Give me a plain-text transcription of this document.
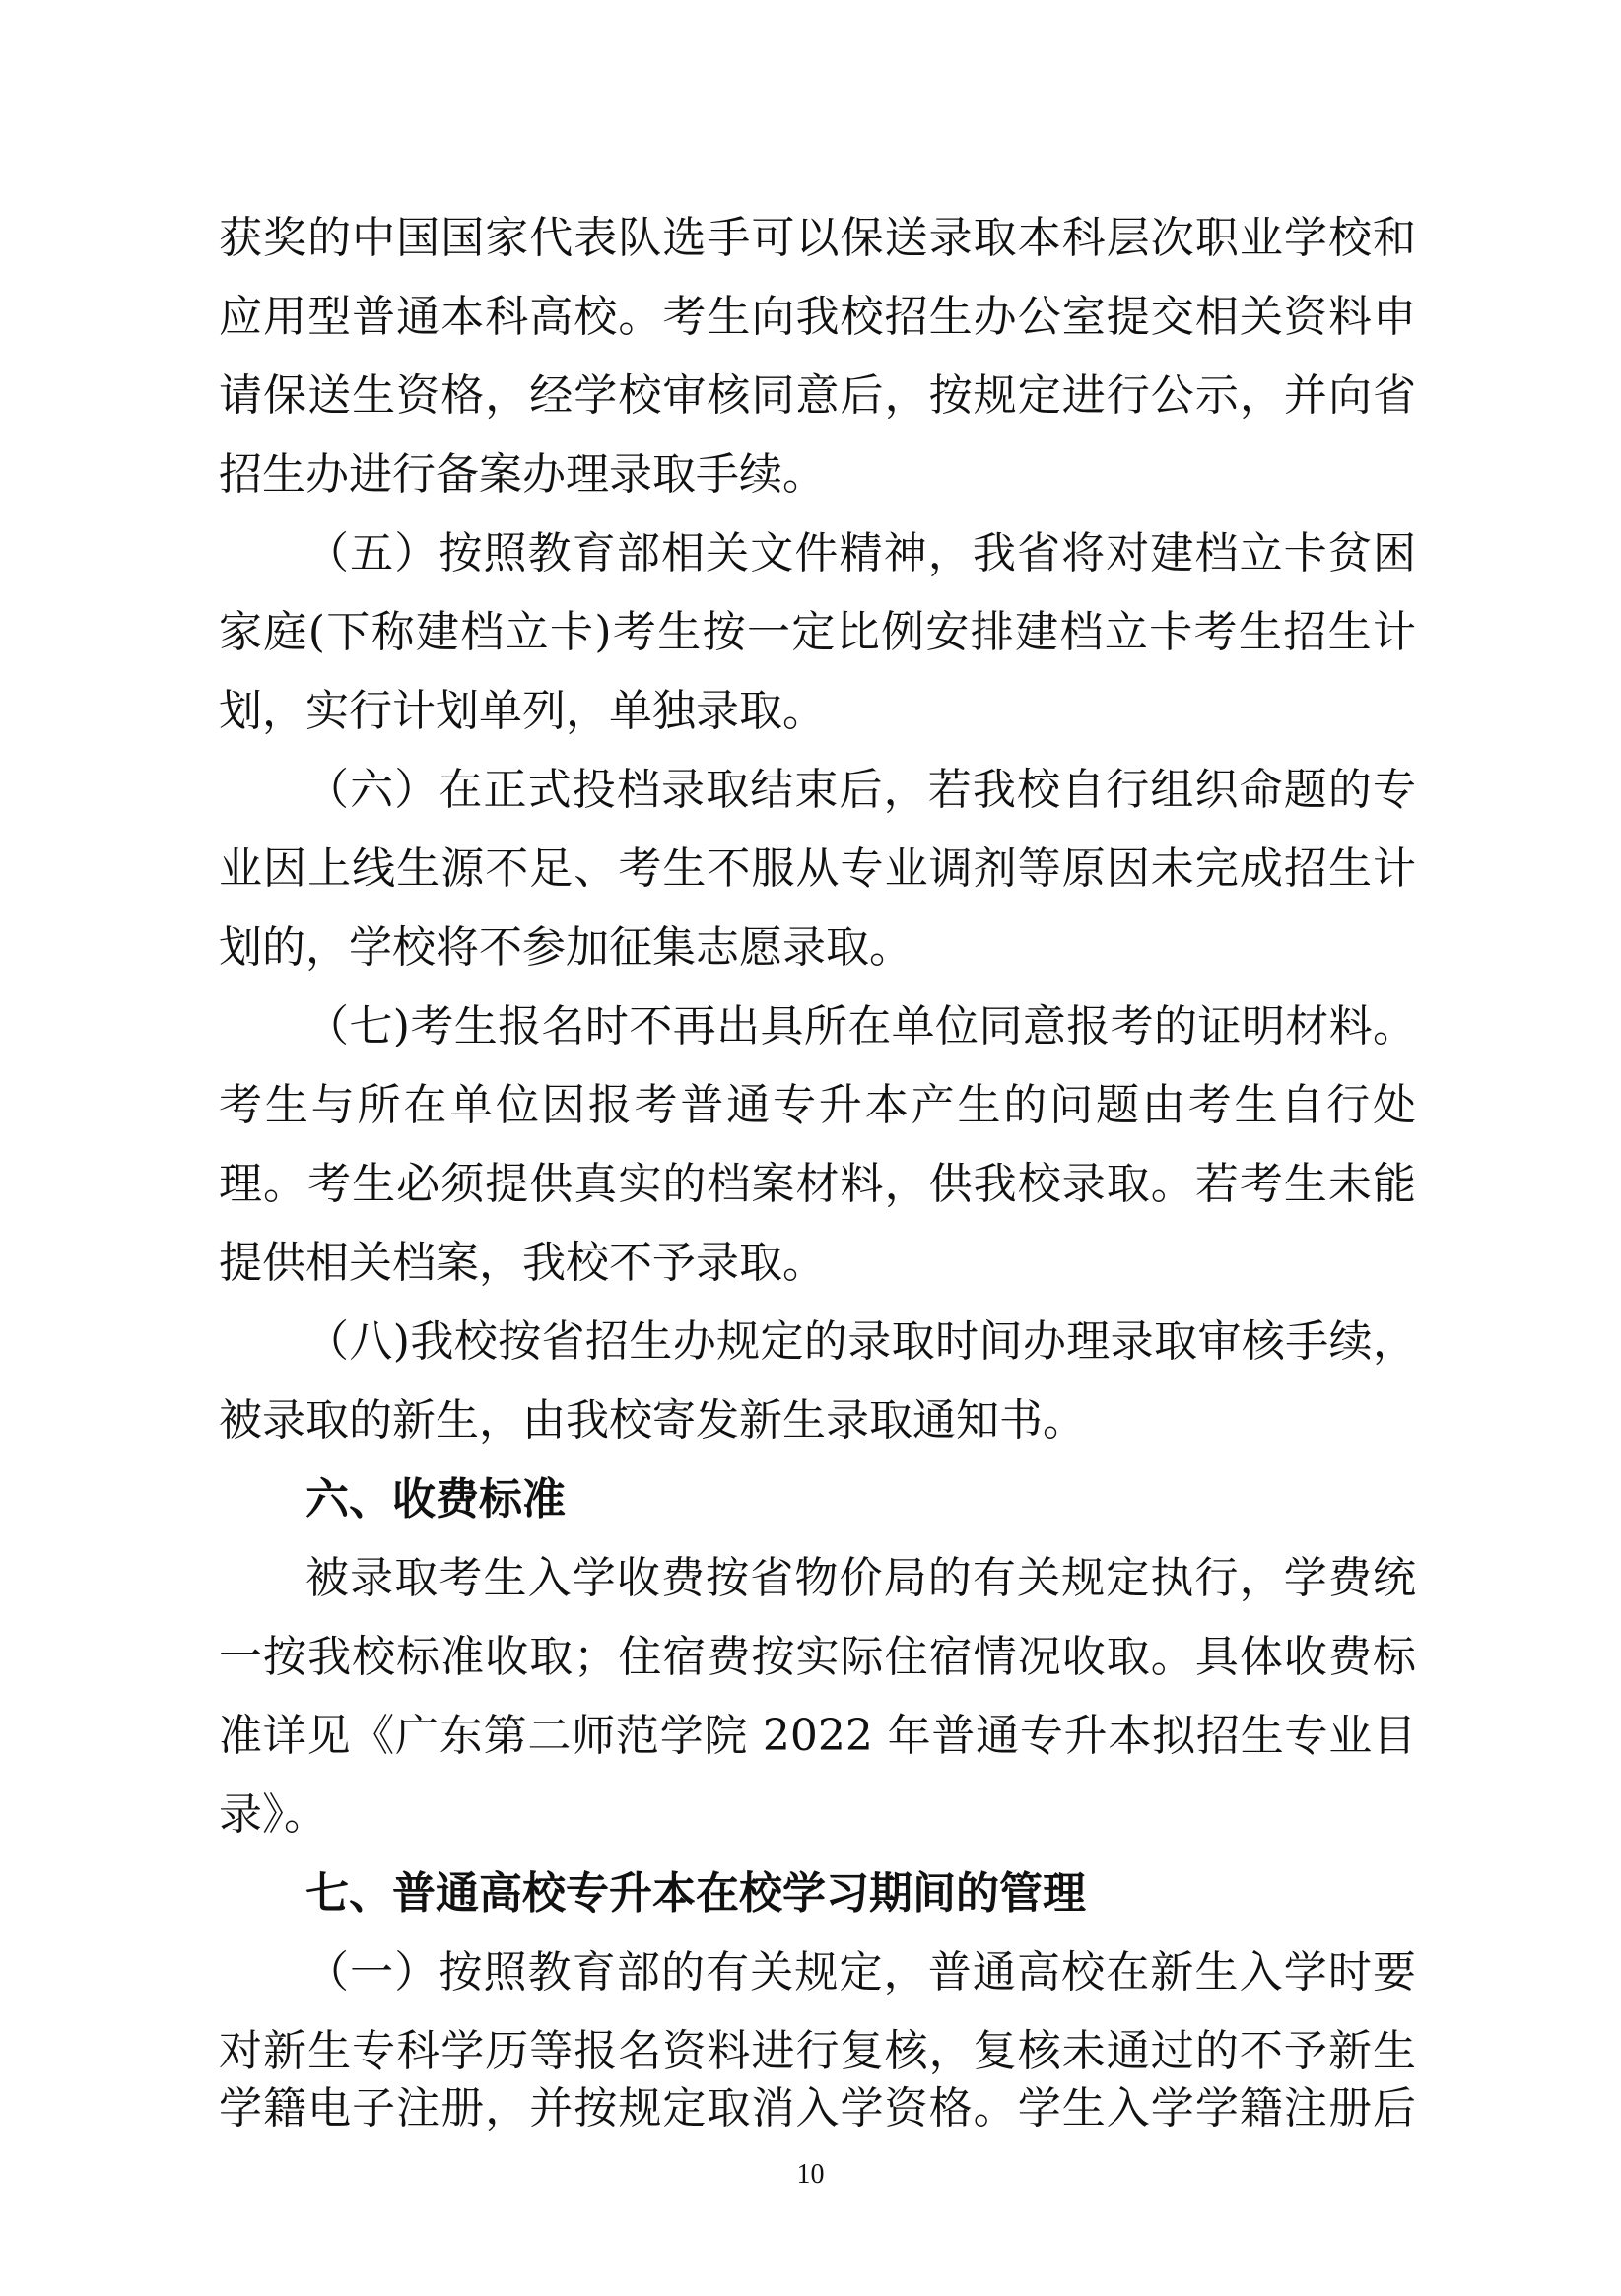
获奖的中国国家代表队选手可以保送录取本科层次职业学校和
应用型普通本科高校。考生向我校招生办公室提交相关资料申
请保送生资格，经学校审核同意后，按规定进行公示，并向省
招生办进行备案办理录取手续。
（五）按照教育部相关文件精神，我省将对建档立卡贫困
家庭(下称建档立卡)考生按一定比例安排建档立卡考生招生计
划，实行计划单列，单独录取。
（六）在正式投档录取结束后，若我校自行组织命题的专
业因上线生源不足、考生不服从专业调剂等原因未完成招生计
划的，学校将不参加征集志愿录取。
（七)考生报名时不再出具所在单位同意报考的证明材料。
考生与所在单位因报考普通专升本产生的问题由考生自行处
理。考生必须提供真实的档案材料，供我校录取。若考生未能
提供相关档案，我校不予录取。
（八)我校按省招生办规定的录取时间办理录取审核手续，
被录取的新生，由我校寄发新生录取通知书。
六、收费标准
被录取考生入学收费按省物价局的有关规定执行，学费统
一按我校标准收取；住宿费按实际住宿情况收取。具体收费标
准详见《广东第二师范学院 2022 年普通专升本拟招生专业目
录》。
七、普通高校专升本在校学习期间的管理
（一）按照教育部的有关规定，普通高校在新生入学时要
对新生专科学历等报名资料进行复核，复核未通过的不予新生
10
学籍电子注册，并按规定取消入学资格。学生入学学籍注册后
